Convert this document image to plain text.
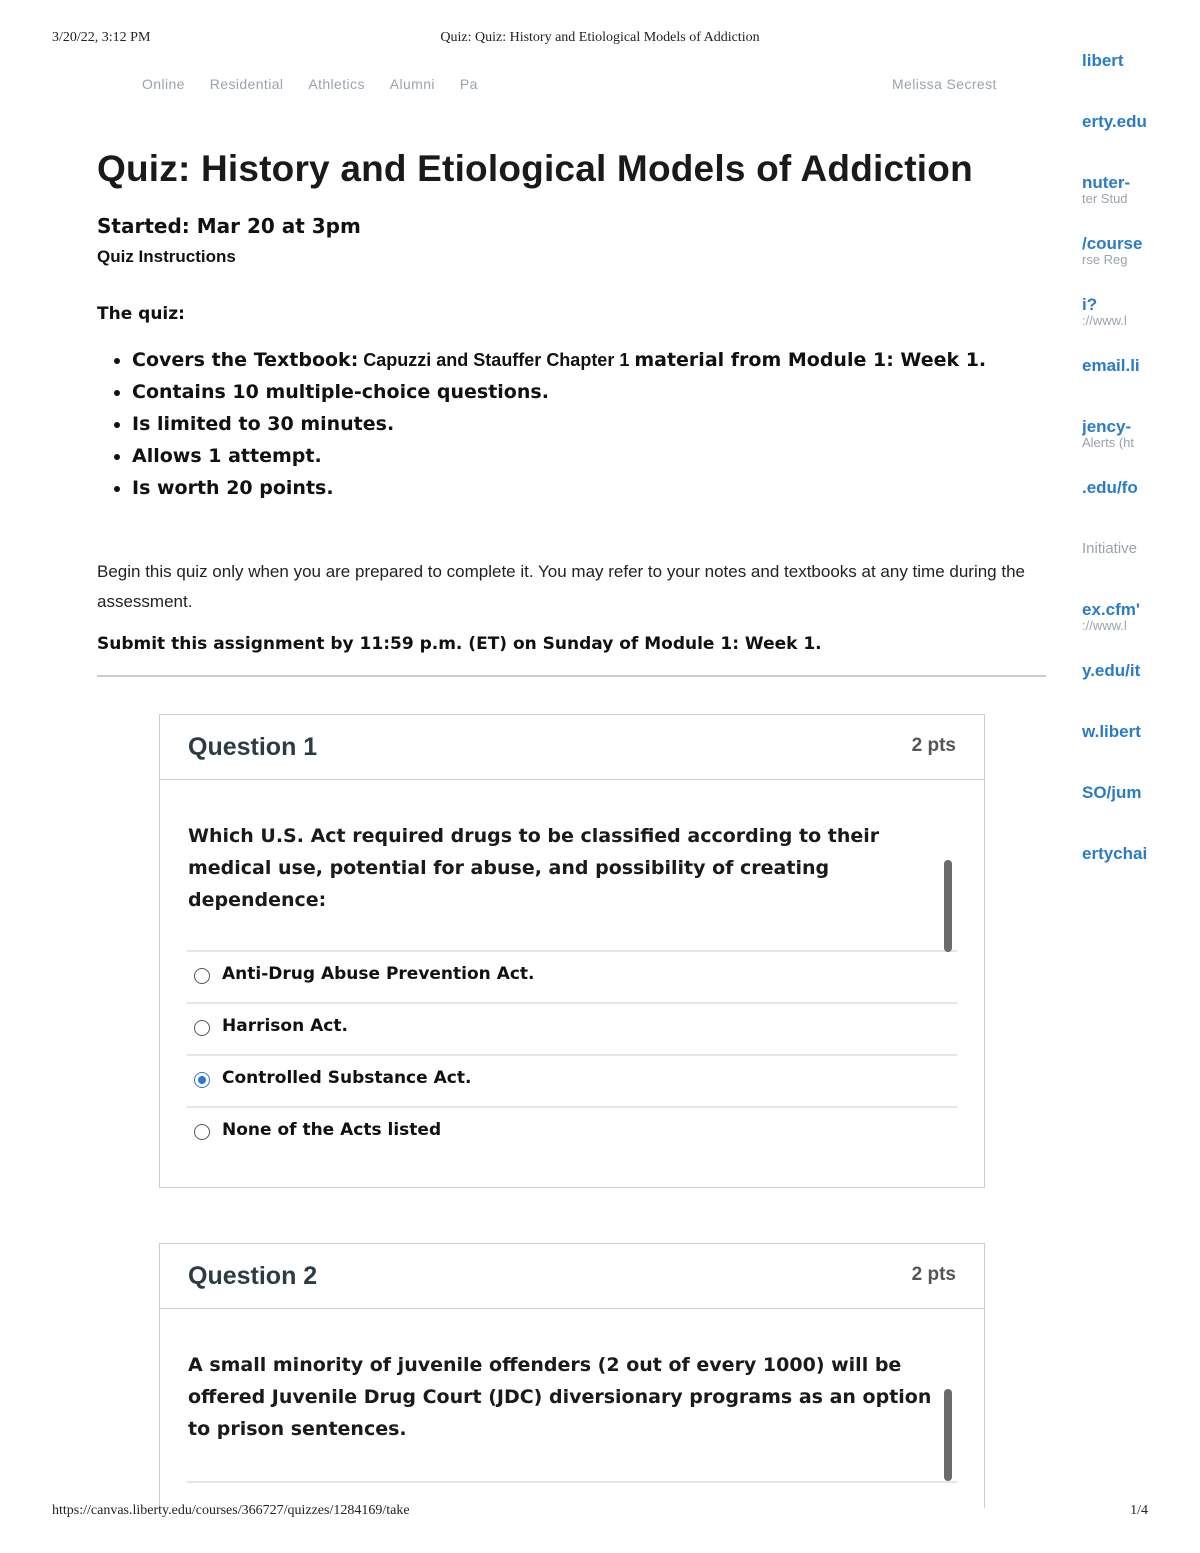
3/20/22, 3:12 PM	Quiz: Quiz: History and Etiological Models of Addiction
Online Residential Athletics Alumni Pa	Melissa Secrest
libert
erty.edu
nuter-
ter Stud
/course
rse Reg
i?
://www.l
email.li
jency-
Alerts (ht
.edu/fo
Initiative
ex.cfm'
://www.l
y.edu/it
w.libert
SO/jum
ertychai
Quiz: History and Etiological Models of Addiction
Started: Mar 20 at 3pm
Quiz Instructions
The quiz:
• Covers the Textbook: Capuzzi and Stauffer Chapter 1 material from Module 1: Week 1.
• Contains 10 multiple-choice questions.
• Is limited to 30 minutes.
• Allows 1 attempt.
• Is worth 20 points.
Begin this quiz only when you are prepared to complete it. You may refer to your notes and textbooks at any time during the assessment.
Submit this assignment by 11:59 p.m. (ET) on Sunday of Module 1: Week 1.
Question 1	2 pts
Which U.S. Act required drugs to be classified according to their medical use, potential for abuse, and possibility of creating dependence:
Anti-Drug Abuse Prevention Act.
Harrison Act.
Controlled Substance Act.
None of the Acts listed
Question 2	2 pts
A small minority of juvenile offenders (2 out of every 1000) will be offered Juvenile Drug Court (JDC) diversionary programs as an option to prison sentences.
https://canvas.liberty.edu/courses/366727/quizzes/1284169/take	1/4
